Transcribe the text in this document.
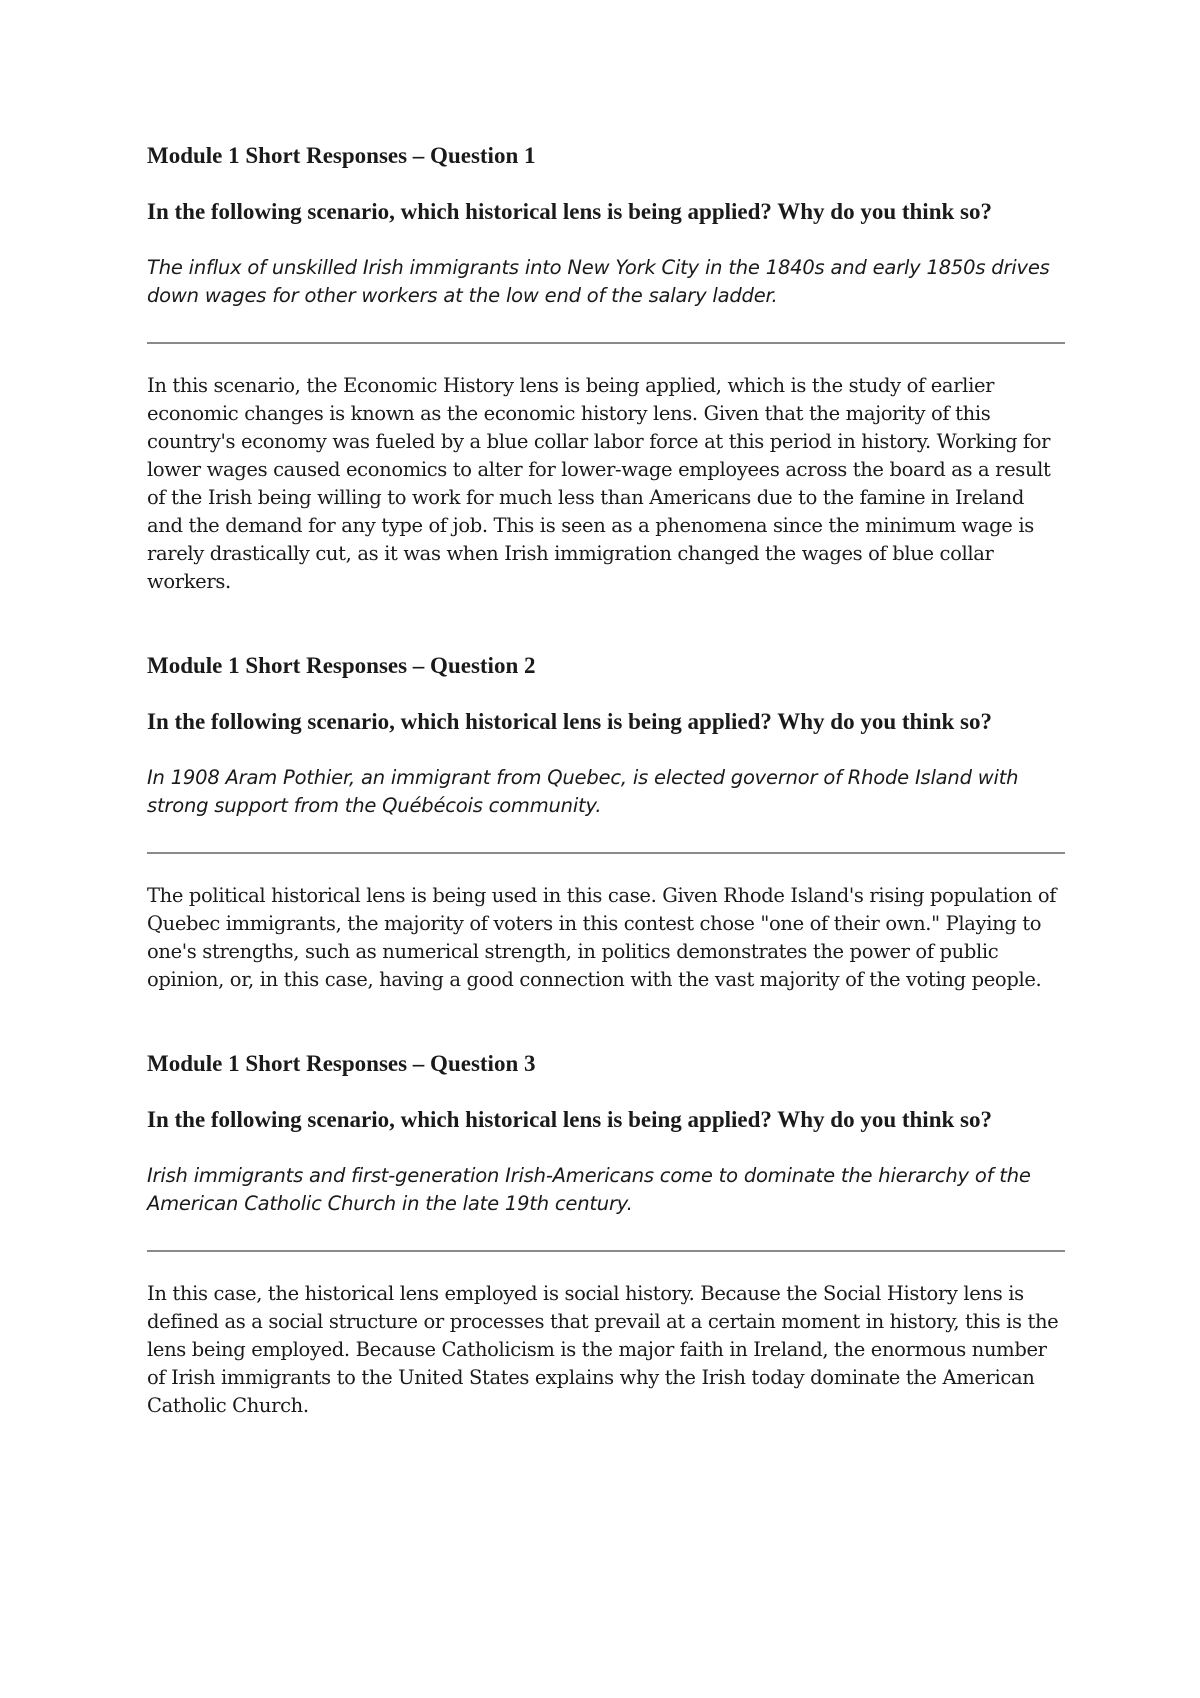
Module 1 Short Responses – Question 1

In the following scenario, which historical lens is being applied? Why do you think so?

The influx of unskilled Irish immigrants into New York City in the 1840s and early 1850s drives down wages for other workers at the low end of the salary ladder.

In this scenario, the Economic History lens is being applied, which is the study of earlier economic changes is known as the economic history lens. Given that the majority of this country's economy was fueled by a blue collar labor force at this period in history. Working for lower wages caused economics to alter for lower-wage employees across the board as a result of the Irish being willing to work for much less than Americans due to the famine in Ireland and the demand for any type of job. This is seen as a phenomena since the minimum wage is rarely drastically cut, as it was when Irish immigration changed the wages of blue collar workers.

Module 1 Short Responses – Question 2

In the following scenario, which historical lens is being applied? Why do you think so?

In 1908 Aram Pothier, an immigrant from Quebec, is elected governor of Rhode Island with strong support from the Québécois community.

The political historical lens is being used in this case. Given Rhode Island's rising population of Quebec immigrants, the majority of voters in this contest chose "one of their own." Playing to one's strengths, such as numerical strength, in politics demonstrates the power of public opinion, or, in this case, having a good connection with the vast majority of the voting people.

Module 1 Short Responses – Question 3

In the following scenario, which historical lens is being applied? Why do you think so?

Irish immigrants and first-generation Irish-Americans come to dominate the hierarchy of the American Catholic Church in the late 19th century.

In this case, the historical lens employed is social history. Because the Social History lens is defined as a social structure or processes that prevail at a certain moment in history, this is the lens being employed. Because Catholicism is the major faith in Ireland, the enormous number of Irish immigrants to the United States explains why the Irish today dominate the American Catholic Church.
